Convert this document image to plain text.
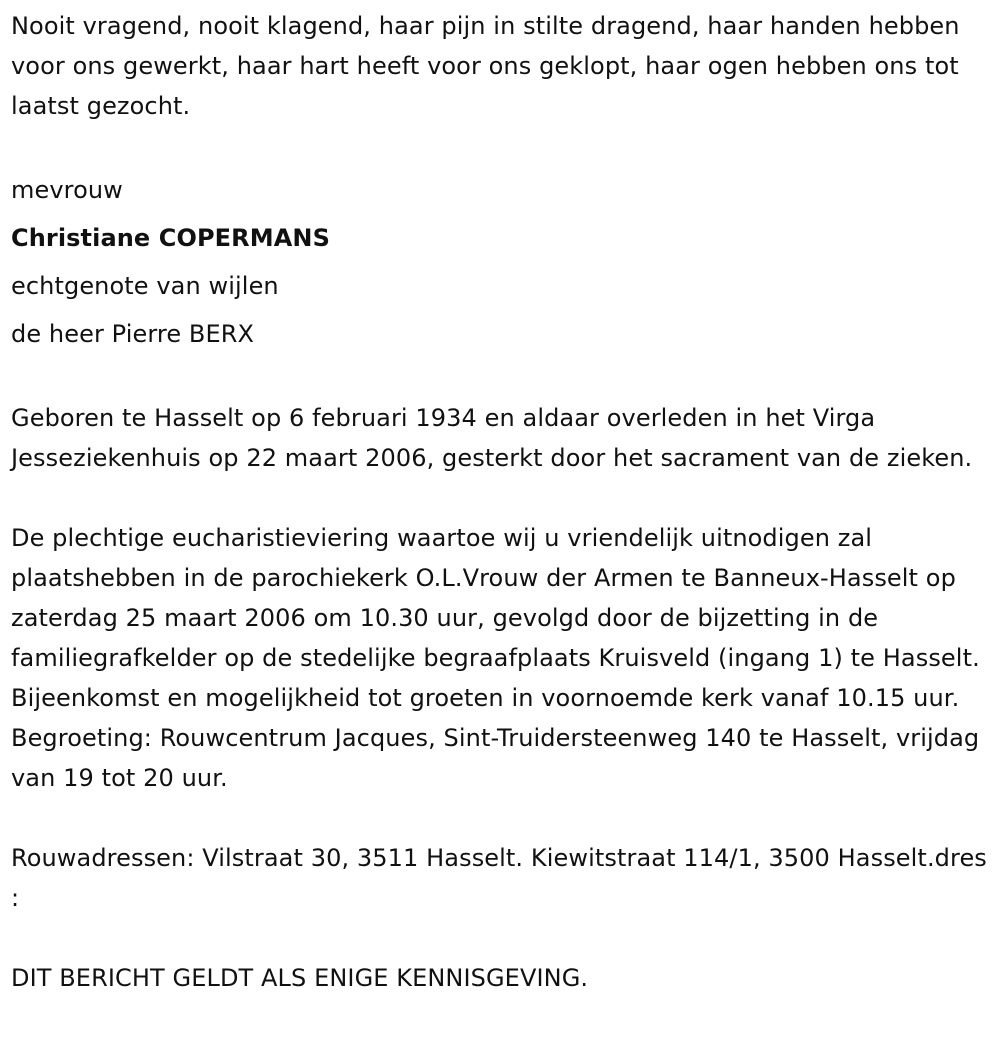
Nooit vragend, nooit klagend, haar pijn in stilte dragend, haar handen hebben voor ons gewerkt, haar hart heeft voor ons geklopt, haar ogen hebben ons tot laatst gezocht.

mevrouw

Christiane COPERMANS

echtgenote van wijlen

de heer Pierre BERX

Geboren te Hasselt op 6 februari 1934 en aldaar overleden in het Virga Jesseziekenhuis op 22 maart 2006, gesterkt door het sacrament van de zieken.

De plechtige eucharistieviering waartoe wij u vriendelijk uitnodigen zal plaatshebben in de parochiekerk O.L.Vrouw der Armen te Banneux-Hasselt op zaterdag 25 maart 2006 om 10.30 uur, gevolgd door de bijzetting in de familiegrafkelder op de stedelijke begraafplaats Kruisveld (ingang 1) te Hasselt. Bijeenkomst en mogelijkheid tot groeten in voornoemde kerk vanaf 10.15 uur. Begroeting: Rouwcentrum Jacques, Sint-Truidersteenweg 140 te Hasselt, vrijdag van 19 tot 20 uur.

Rouwadressen: Vilstraat 30, 3511 Hasselt. Kiewitstraat 114/1, 3500 Hasselt.dres :

DIT BERICHT GELDT ALS ENIGE KENNISGEVING.
